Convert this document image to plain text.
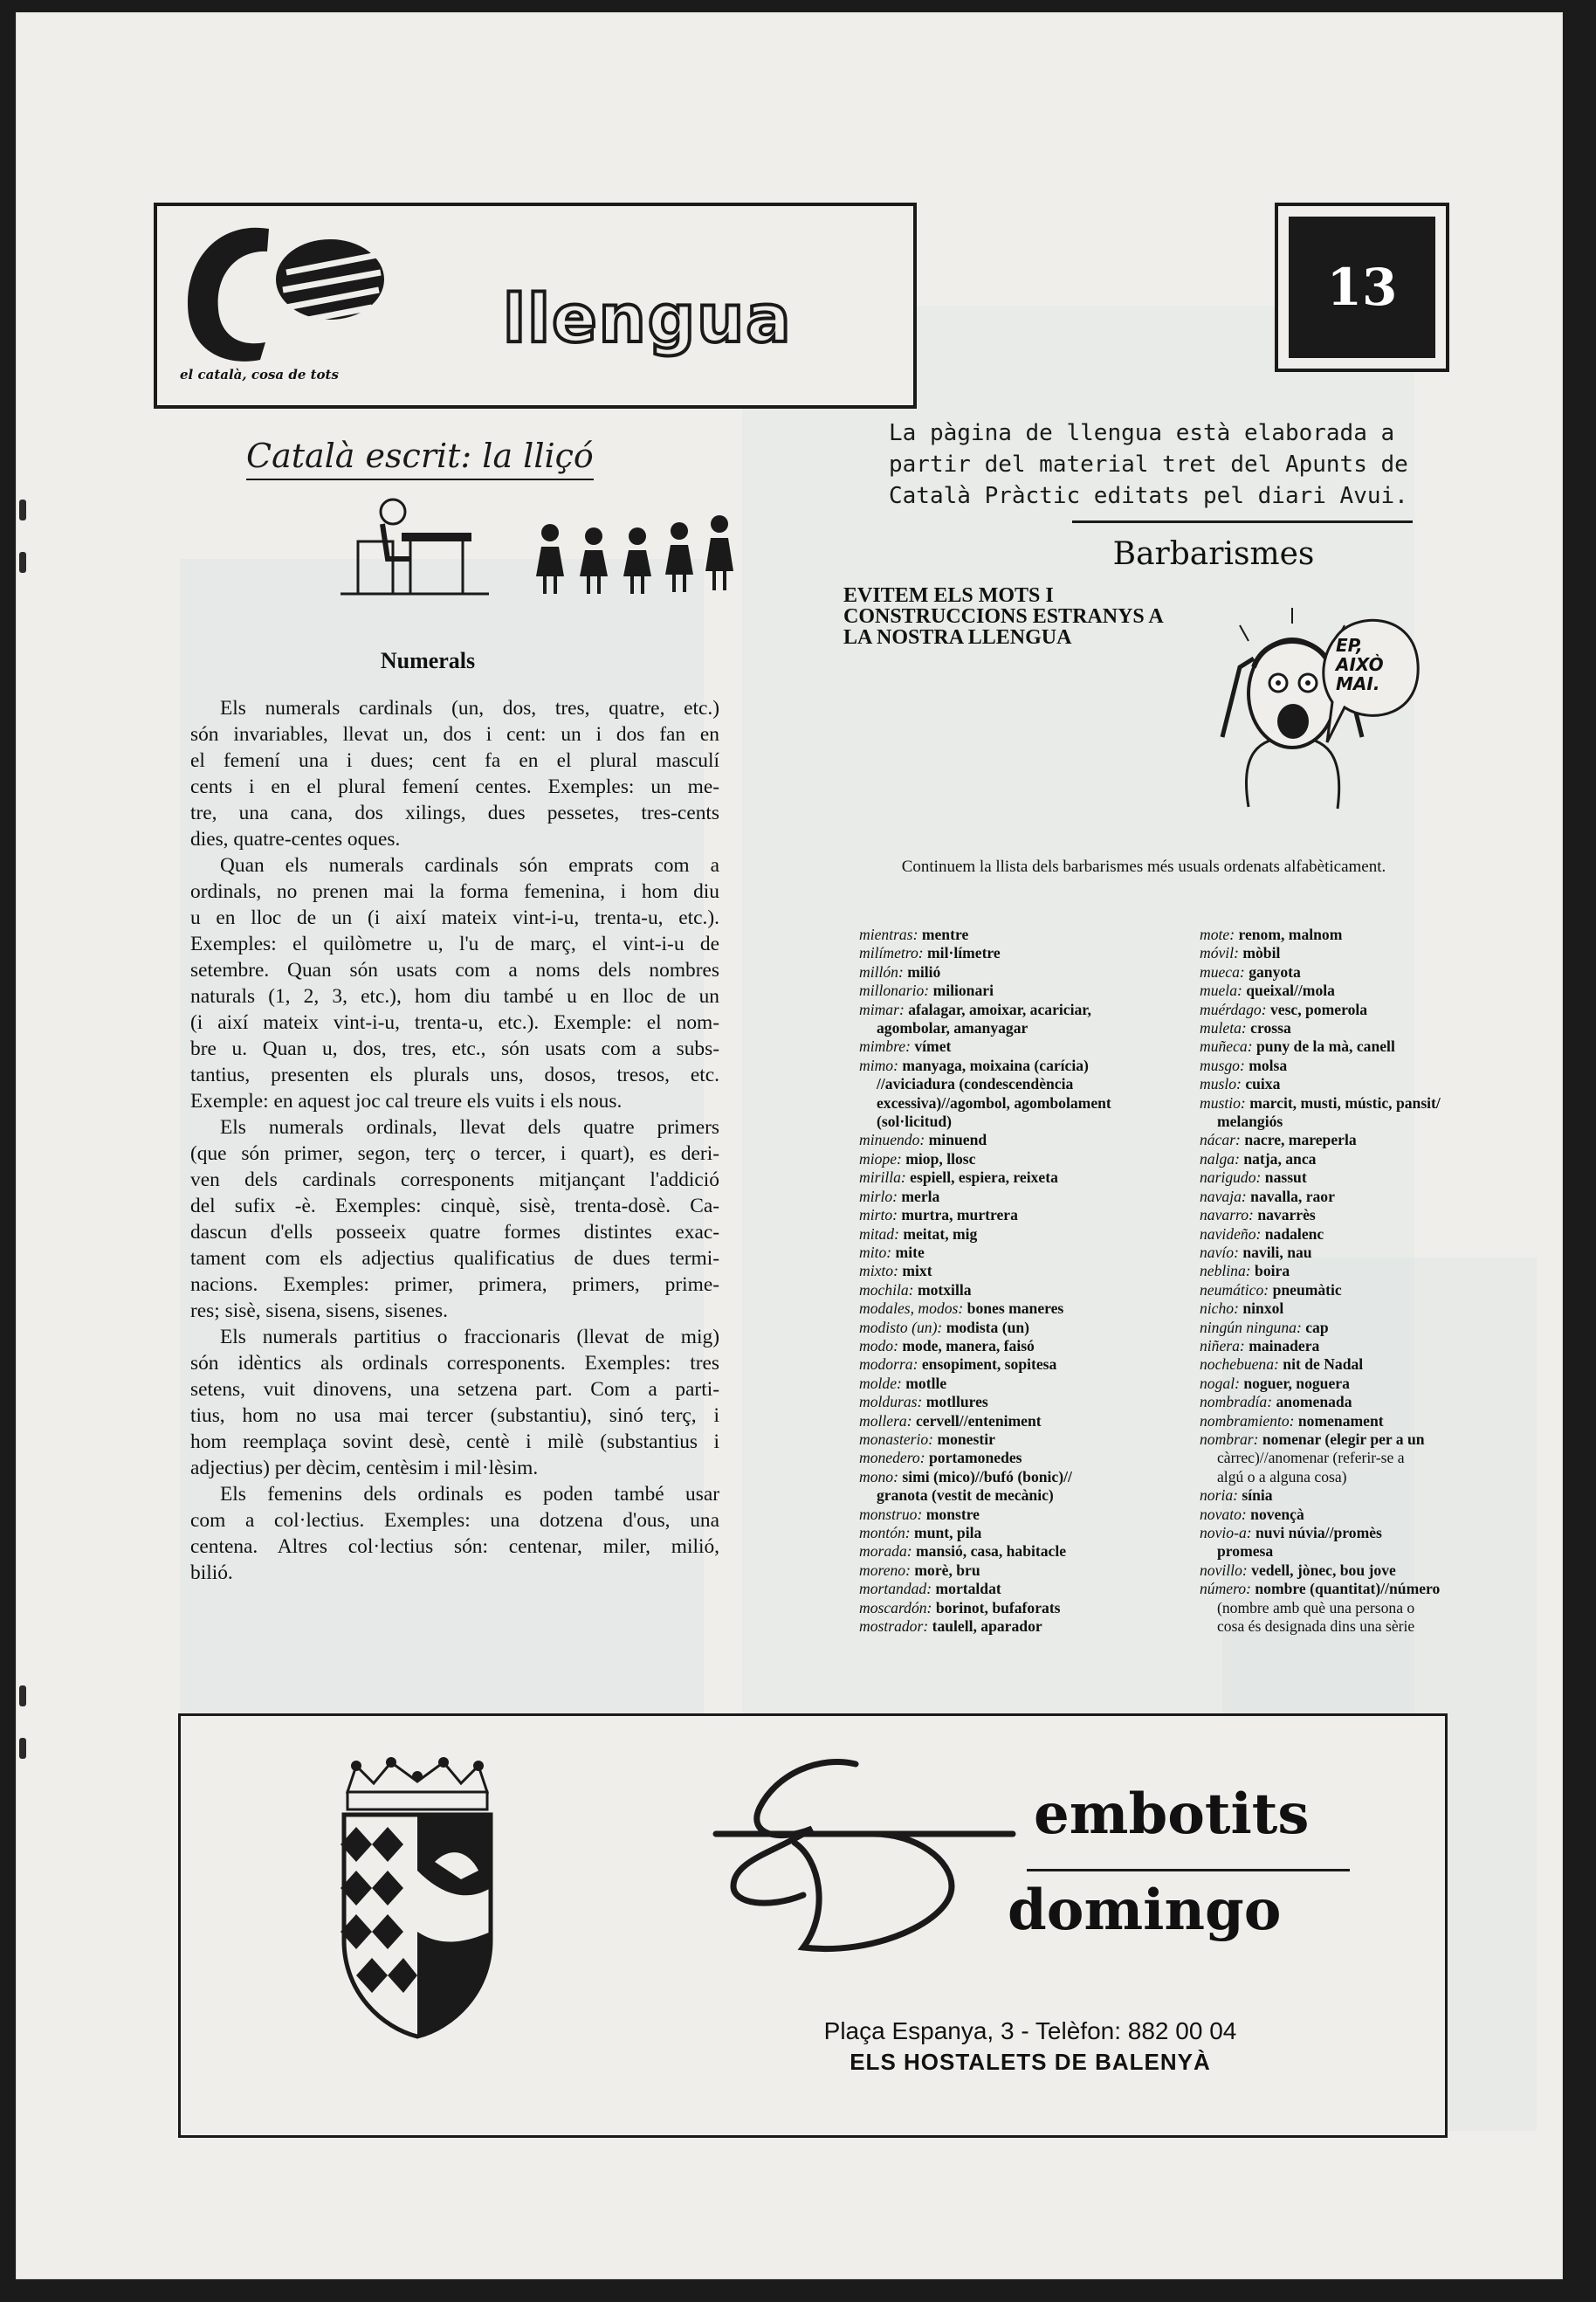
el català, cosa de tots
llengua	13
La pàgina de llengua està elaborada a
partir del material tret del Apunts de
Català Pràctic editats pel diari Avui.
Barbarismes
EVITEM ELS MOTS I
CONSTRUCCIONS ESTRANYS A
LA NOSTRA LLENGUA	EP,
AIXÒ
MAI.
Continuem la llista dels barbarismes més usuals ordenats alfabèticament.
mientras: mentre
milímetro: mil·límetre
millón: milió
millonario: milionari
mimar: afalagar, amoixar, acariciar,
agombolar, amanyagar
mimbre: vímet
mimo: manyaga, moixaina (carícia)
//aviciadura (condescendència
excessiva)//agombol, agombolament
(sol·licitud)
minuendo: minuend
miope: miop, llosc
mirilla: espiell, espiera, reixeta
mirlo: merla
mirto: murtra, murtrera
mitad: meitat, mig
mito: mite
mixto: mixt
mochila: motxilla
modales, modos: bones maneres
modisto (un): modista (un)
modo: mode, manera, faisó
modorra: ensopiment, sopitesa
molde: motlle
molduras: motllures
mollera: cervell//enteniment
monasterio: monestir
monedero: portamonedes
mono: simi (mico)//bufó (bonic)//
granota (vestit de mecànic)
monstruo: monstre
montón: munt, pila
morada: mansió, casa, habitacle
moreno: morè, bru
mortandad: mortaldat
moscardón: borinot, bufaforats
mostrador: taulell, aparador
mote: renom, malnom
móvil: mòbil
mueca: ganyota
muela: queixal//mola
muérdago: vesc, pomerola
muleta: crossa
muñeca: puny de la mà, canell
musgo: molsa
muslo: cuixa
mustio: marcit, musti, mústic, pansit/
melangiós
nácar: nacre, mareperla
nalga: natja, anca
narigudo: nassut
navaja: navalla, raor
navarro: navarrès
navideño: nadalenc
navío: navili, nau
neblina: boira
neumático: pneumàtic
nicho: ninxol
ningún ninguna: cap
niñera: mainadera
nochebuena: nit de Nadal
nogal: noguer, noguera
nombradía: anomenada
nombramiento: nomenament
nombrar: nomenar (elegir per a un
càrrec)//anomenar (referir-se a
algú o a alguna cosa)
noria: sínia
novato: novençà
novio-a: nuvi núvia//promès
promesa
novillo: vedell, jònec, bou jove
número: nombre (quantitat)//número
(nombre amb què una persona o
cosa és designada dins una sèrie
Català escrit: la lliçó
Numerals

Els numerals cardinals (un, dos, tres, quatre, etc.)
són invariables, llevat un, dos i cent: un i dos fan en
el femení una i dues; cent fa en el plural masculí
cents i en el plural femení centes. Exemples: un me-
tre, una cana, dos xilings, dues pessetes, tres-cents
dies, quatre-centes oques.

Quan els numerals cardinals són emprats com a
ordinals, no prenen mai la forma femenina, i hom diu
u en lloc de un (i així mateix vint-i-u, trenta-u, etc.).
Exemples: el quilòmetre u, l'u de març, el vint-i-u de
setembre. Quan són usats com a noms dels nombres
naturals (1, 2, 3, etc.), hom diu també u en lloc de un
(i així mateix vint-i-u, trenta-u, etc.). Exemple: el nom-
bre u. Quan u, dos, tres, etc., són usats com a subs-
tantius, presenten els plurals uns, dosos, tresos, etc.
Exemple: en aquest joc cal treure els vuits i els nous.

Els numerals ordinals, llevat dels quatre primers
(que són primer, segon, terç o tercer, i quart), es deri-
ven dels cardinals corresponents mitjançant l'addició
del sufix -è. Exemples: cinquè, sisè, trenta-dosè. Ca-
dascun d'ells posseeix quatre formes distintes exac-
tament com els adjectius qualificatius de dues termi-
nacions. Exemples: primer, primera, primers, prime-
res; sisè, sisena, sisens, sisenes.

Els numerals partitius o fraccionaris (llevat de mig)
són idèntics als ordinals corresponents. Exemples: tres
setens, vuit dinovens, una setzena part. Com a parti-
tius, hom no usa mai tercer (substantiu), sinó terç, i
hom reemplaça sovint desè, centè i milè (substantius i
adjectius) per dècim, centèsim i mil·lèsim.

Els femenins dels ordinals es poden també usar
com a col·lectius. Exemples: una dotzena d'ous, una
centena. Altres col·lectius són: centenar, miler, milió,
bilió.

embotits
domingo
Plaça Espanya, 3 - Telèfon: 882 00 04
ELS HOSTALETS DE BALENYÀ
